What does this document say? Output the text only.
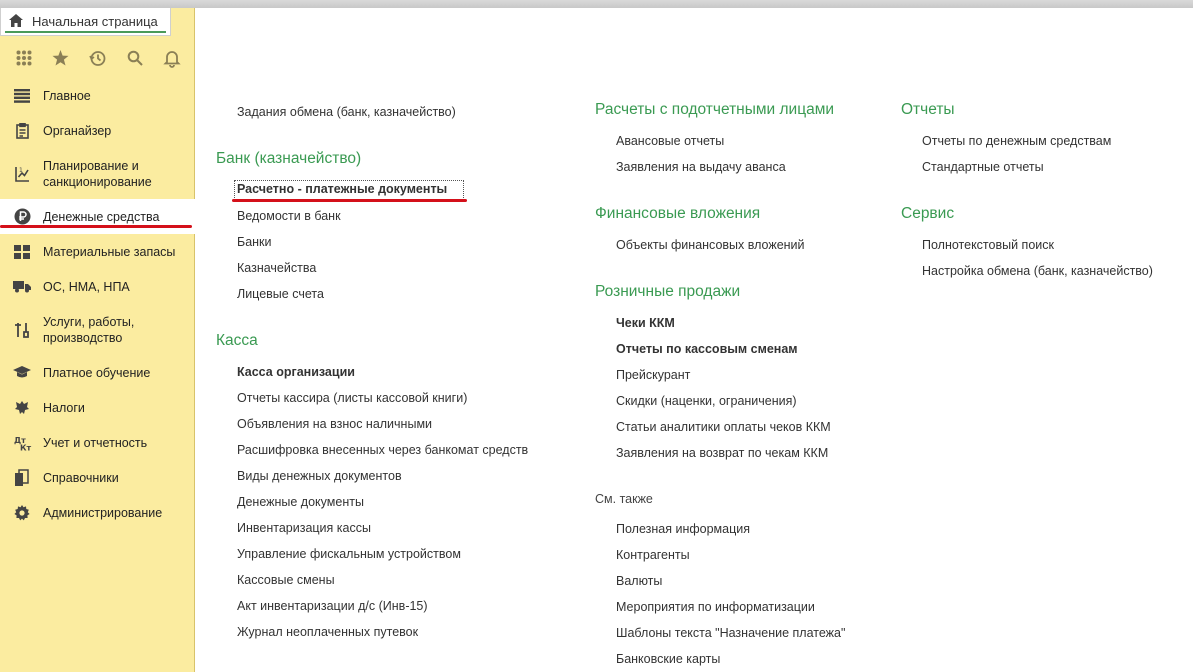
Начальная страница
Главное
Органайзер
1 Планирование и санкционирование
Денежные средства
Материальные запасы
ОС, НМА, НПА
Услуги, работы, производство
Платное обучение
Налоги
Дт
Кт Учет и отчетность
Справочники
Администрирование
Задания обмена (банк, казначейство)
Банк (казначейство)
Расчетно - платежные документы
Ведомости в банк
Банки
Казначейства
Лицевые счета
Касса
Касса организации
Отчеты кассира (листы кассовой книги)
Объявления на взнос наличными
Расшифровка внесенных через банкомат средств
Виды денежных документов
Денежные документы
Инвентаризация кассы
Управление фискальным устройством
Кассовые смены
Акт инвентаризации д/с (Инв-15)
Журнал неоплаченных путевок
Расчеты с подотчетными лицами
Авансовые отчеты
Заявления на выдачу аванса
Финансовые вложения
Объекты финансовых вложений
Розничные продажи
Чеки ККМ
Отчеты по кассовым сменам
Прейскурант
Скидки (наценки, ограничения)
Статьи аналитики оплаты чеков ККМ
Заявления на возврат по чекам ККМ
См. также
Полезная информация
Контрагенты
Валюты
Мероприятия по информатизации
Шаблоны текста "Назначение платежа"
Банковские карты
Отчеты
Отчеты по денежным средствам
Стандартные отчеты
Сервис
Полнотекстовый поиск
Настройка обмена (банк, казначейство)
